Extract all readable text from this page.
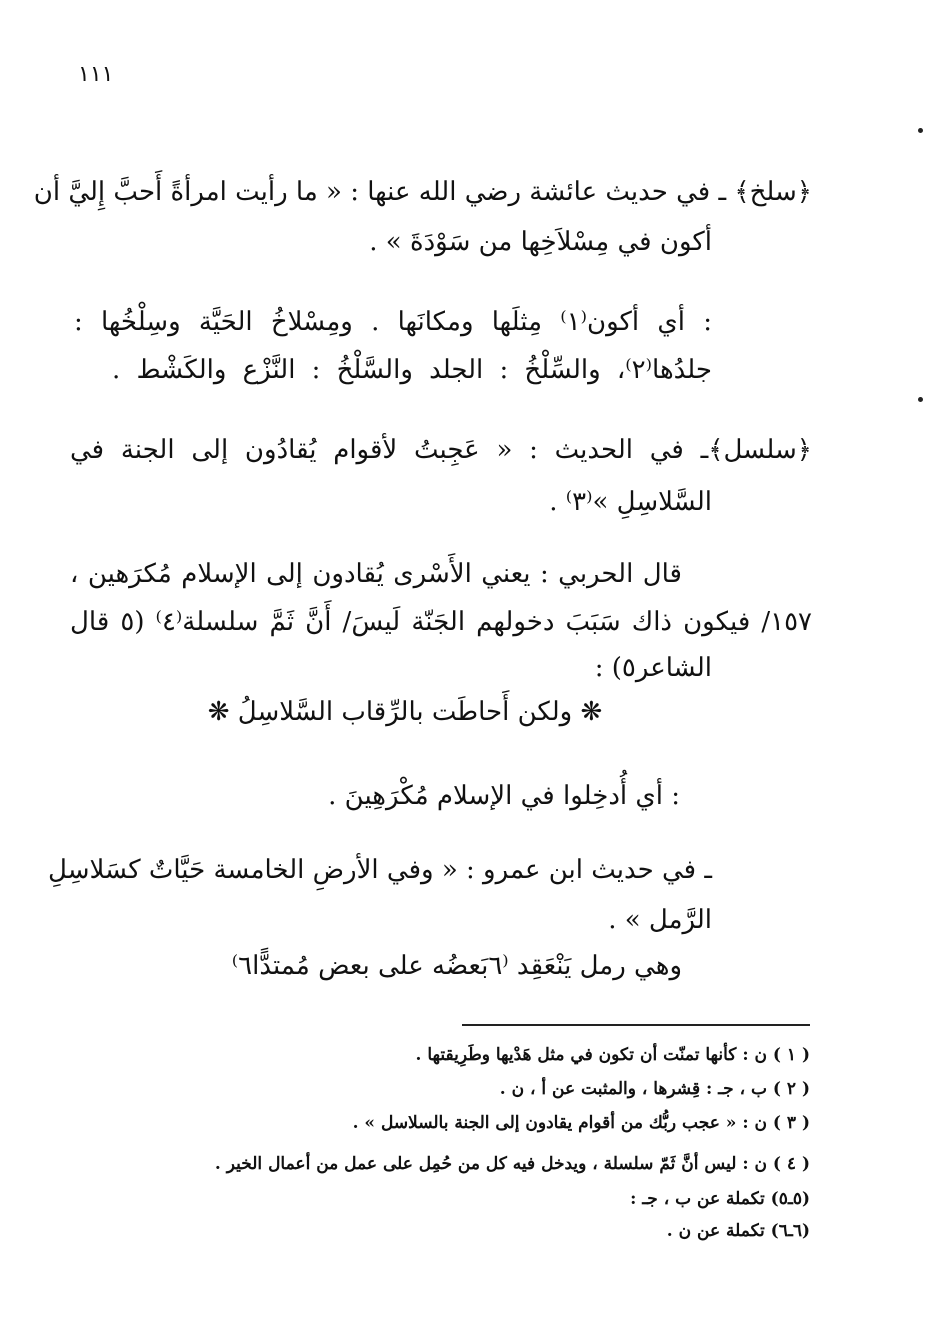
١١١
﴿سلخ﴾ ـ في حديث عائشة رضي الله عنها : « ما رأيت امرأةً أَحبَّ إِليَّ أن
أكون في مِسْلاَخِها من سَوْدَةَ » .
: أي أكون⁽١⁾ مِثلَها ومكانَها . ومِسْلاخُ الحَيَّة وسِلْخُها :
جلدُها⁽٢⁾، والسِّلْخُ : الجلد والسَّلْخُ : النَّزْع والكَشْط .
﴿سلسل﴾ـ في الحديث : « عَجِبتُ لأقوام يُقادُون إلى الجنة في
السَّلاسِلِ »⁽٣⁾ .
قال الحربي : يعني الأَسْرى يُقادون إلى الإسلام مُكرَهين ،
١٥٧/ فيكون ذاك سَبَبَ دخولهم الجَنّة لَيسَ/ أَنَّ ثَمَّ سلسلة⁽٤⁾ (٥ قال
الشاعر٥) :
❋ ولكن أَحاطَت بالرِّقاب السَّلاسِلُ ❋
: أي أُدخِلوا في الإسلام مُكْرَهِينَ .
ـ في حديث ابن عمرو : « وفي الأرضِ الخامسة حَيَّاتٌ كسَلاسِلِ
الرَّمل » .
وهي رمل يَنْعَقِد ⁽٦بَعضُه على بعض مُمتدًّا٦⁾
( ١ ) ن : كأنها تمنّت أن تكون في مثل هَدْيها وطَرِيقتها .
( ٢ ) ب ، جـ : قِشرها ، والمثبت عن أ ، ن .
( ٣ ) ن : « عجب ربُّك من أقوام يقادون إلى الجنة بالسلاسل » .
( ٤ ) ن : ليس أنَّ ثَمّ سلسلة ، ويدخل فيه كل من حُمِل على عمل من أعمال الخير .
(٥ـ٥) تكملة عن ب ، جـ :
(٦ـ٦) تكملة عن ن .
